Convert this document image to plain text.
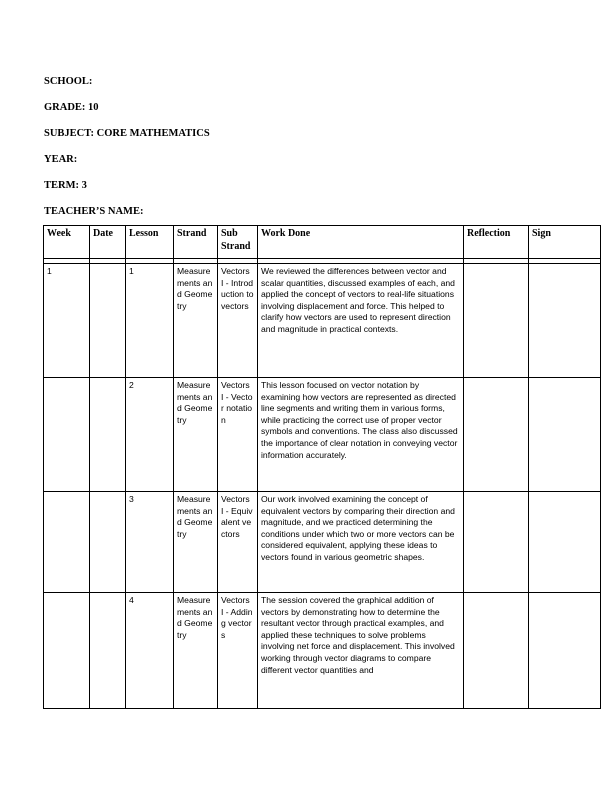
SCHOOL:

GRADE: 10

SUBJECT: CORE MATHEMATICS

YEAR:

TERM: 3

TEACHER’S NAME:

Week	Date	Lesson	Strand	Sub Strand	Work Done	Reflection	Sign

1		1	Measurements and Geometry	Vectors I - Introduction to vectors	We reviewed the differences between vector and scalar quantities, discussed examples of each, and applied the concept of vectors to real-life situations involving displacement and force. This helped to clarify how vectors are used to represent direction and magnitude in practical contexts.		
		2	Measurements and Geometry	Vectors I - Vector notation	This lesson focused on vector notation by examining how vectors are represented as directed line segments and writing them in various forms, while practicing the correct use of proper vector symbols and conventions. The class also discussed the importance of clear notation in conveying vector information accurately.		
		3	Measurements and Geometry	Vectors I - Equivalent vectors	Our work involved examining the concept of equivalent vectors by comparing their direction and magnitude, and we practiced determining the conditions under which two or more vectors can be considered equivalent, applying these ideas to vectors found in various geometric shapes.		
		4	Measurements and Geometry	Vectors I - Adding vectors	The session covered the graphical addition of vectors by demonstrating how to determine the resultant vector through practical examples, and applied these techniques to solve problems involving net force and displacement. This involved working through vector diagrams to compare different vector quantities and		
